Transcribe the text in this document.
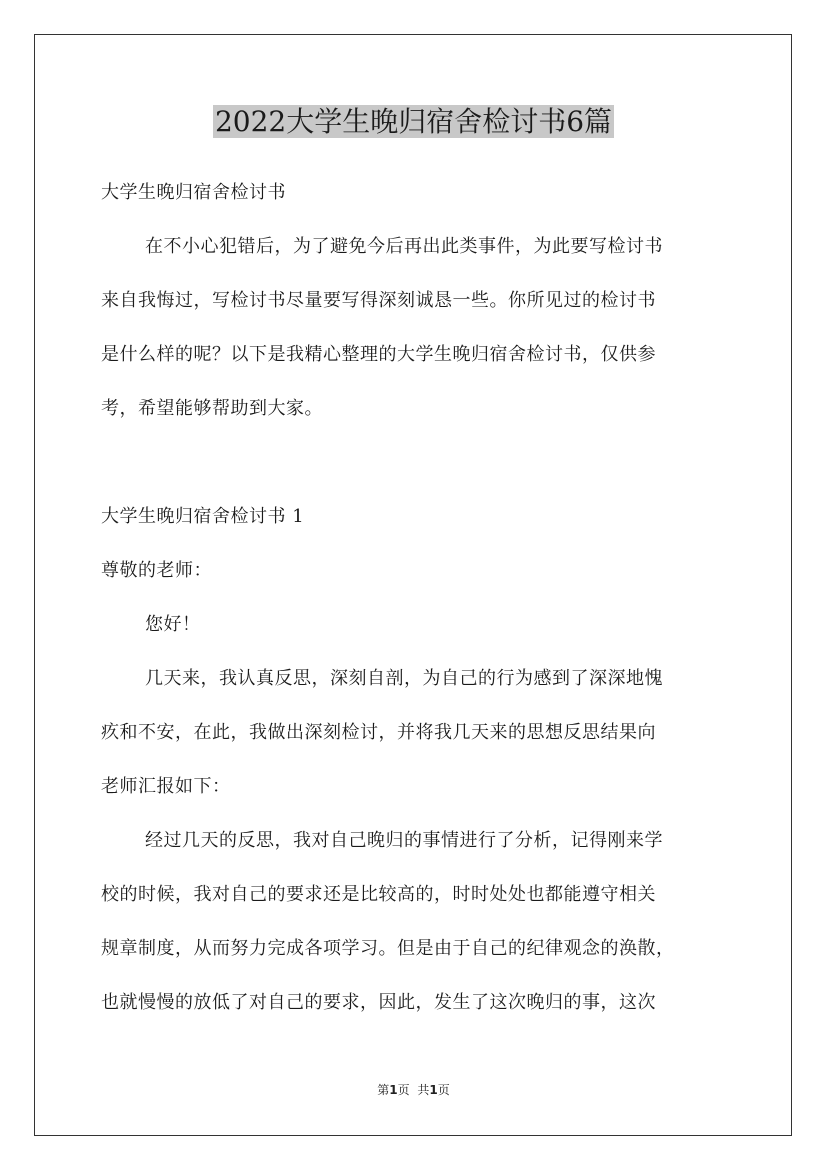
2022大学生晚归宿舍检讨书6篇
大学生晚归宿舍检讨书
在不小心犯错后，为了避免今后再出此类事件，为此要写检讨书
来自我悔过，写检讨书尽量要写得深刻诚恳一些。你所见过的检讨书
是什么样的呢？以下是我精心整理的大学生晚归宿舍检讨书，仅供参
考，希望能够帮助到大家。
大学生晚归宿舍检讨书 1
尊敬的老师：
您好！
几天来，我认真反思，深刻自剖，为自己的行为感到了深深地愧
疚和不安，在此，我做出深刻检讨，并将我几天来的思想反思结果向
老师汇报如下：
经过几天的反思，我对自己晚归的事情进行了分析，记得刚来学
校的时候，我对自己的要求还是比较高的，时时处处也都能遵守相关
规章制度，从而努力完成各项学习。但是由于自己的纪律观念的涣散，
也就慢慢的放低了对自己的要求，因此，发生了这次晚归的事，这次
第1页 共1页
